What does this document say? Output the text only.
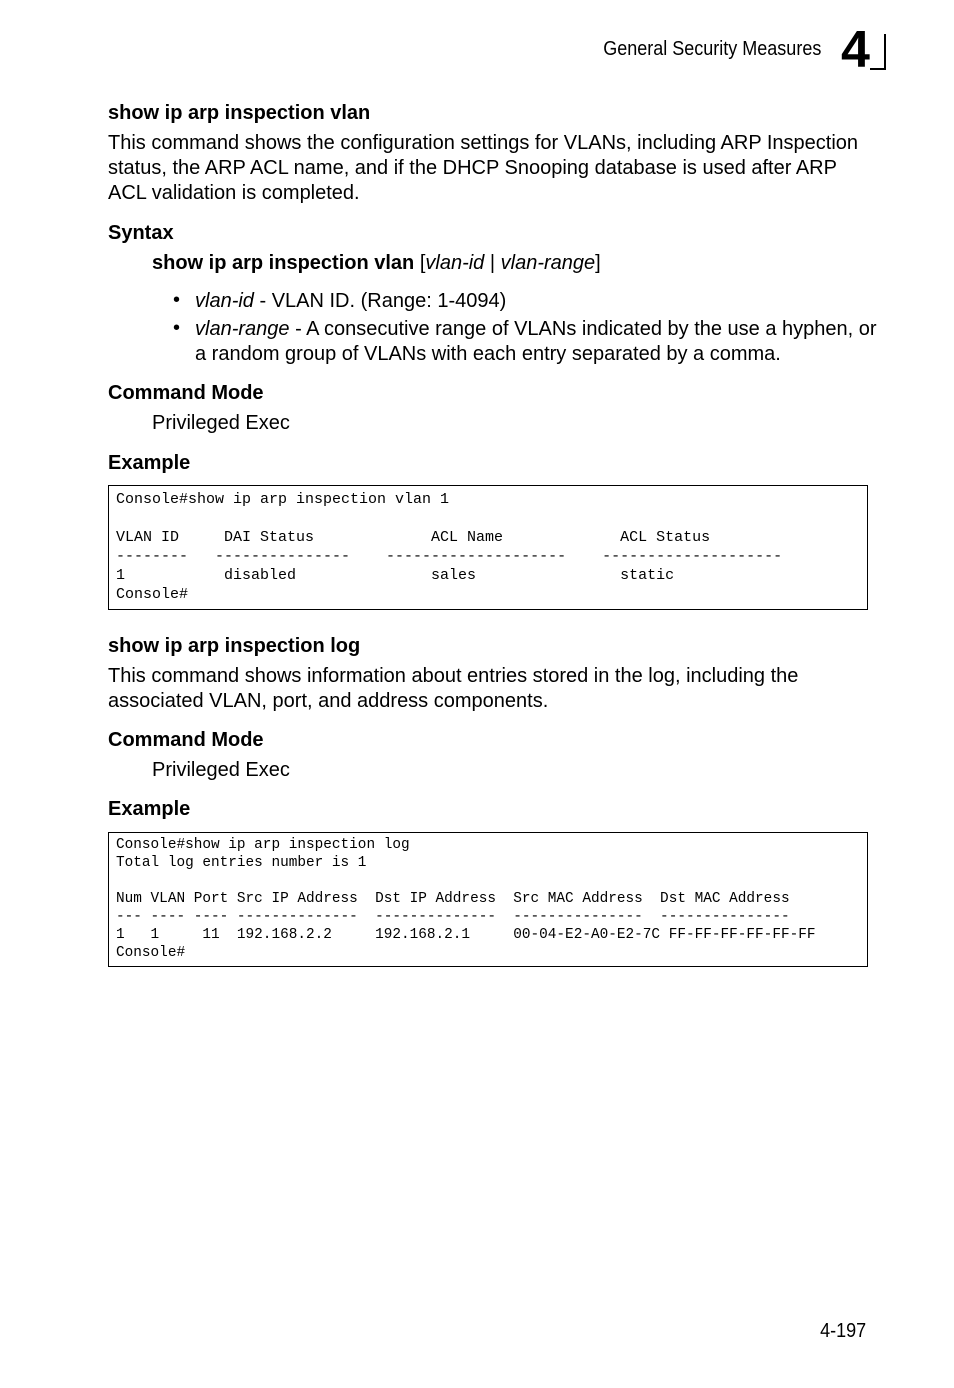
General Security Measures 4
show ip arp inspection vlan
This command shows the configuration settings for VLANs, including ARP Inspection status, the ARP ACL name, and if the DHCP Snooping database is used after ARP ACL validation is completed.
Syntax
show ip arp inspection vlan [vlan-id | vlan-range]
• vlan-id - VLAN ID. (Range: 1-4094)
• vlan-range - A consecutive range of VLANs indicated by the use a hyphen, or a random group of VLANs with each entry separated by a comma.
Command Mode
Privileged Exec
Example
Console#show ip arp inspection vlan 1

VLAN ID     DAI Status             ACL Name             ACL Status
--------   ---------------    --------------------    --------------------
1           disabled               sales                static
Console#
show ip arp inspection log
This command shows information about entries stored in the log, including the associated VLAN, port, and address components.
Command Mode
Privileged Exec
Example
Console#show ip arp inspection log
Total log entries number is 1

Num VLAN Port Src IP Address  Dst IP Address  Src MAC Address  Dst MAC Address
--- ---- ---- --------------  --------------  ---------------  ---------------
1   1     11  192.168.2.2     192.168.2.1     00-04-E2-A0-E2-7C FF-FF-FF-FF-FF-FF
Console#
4-197
